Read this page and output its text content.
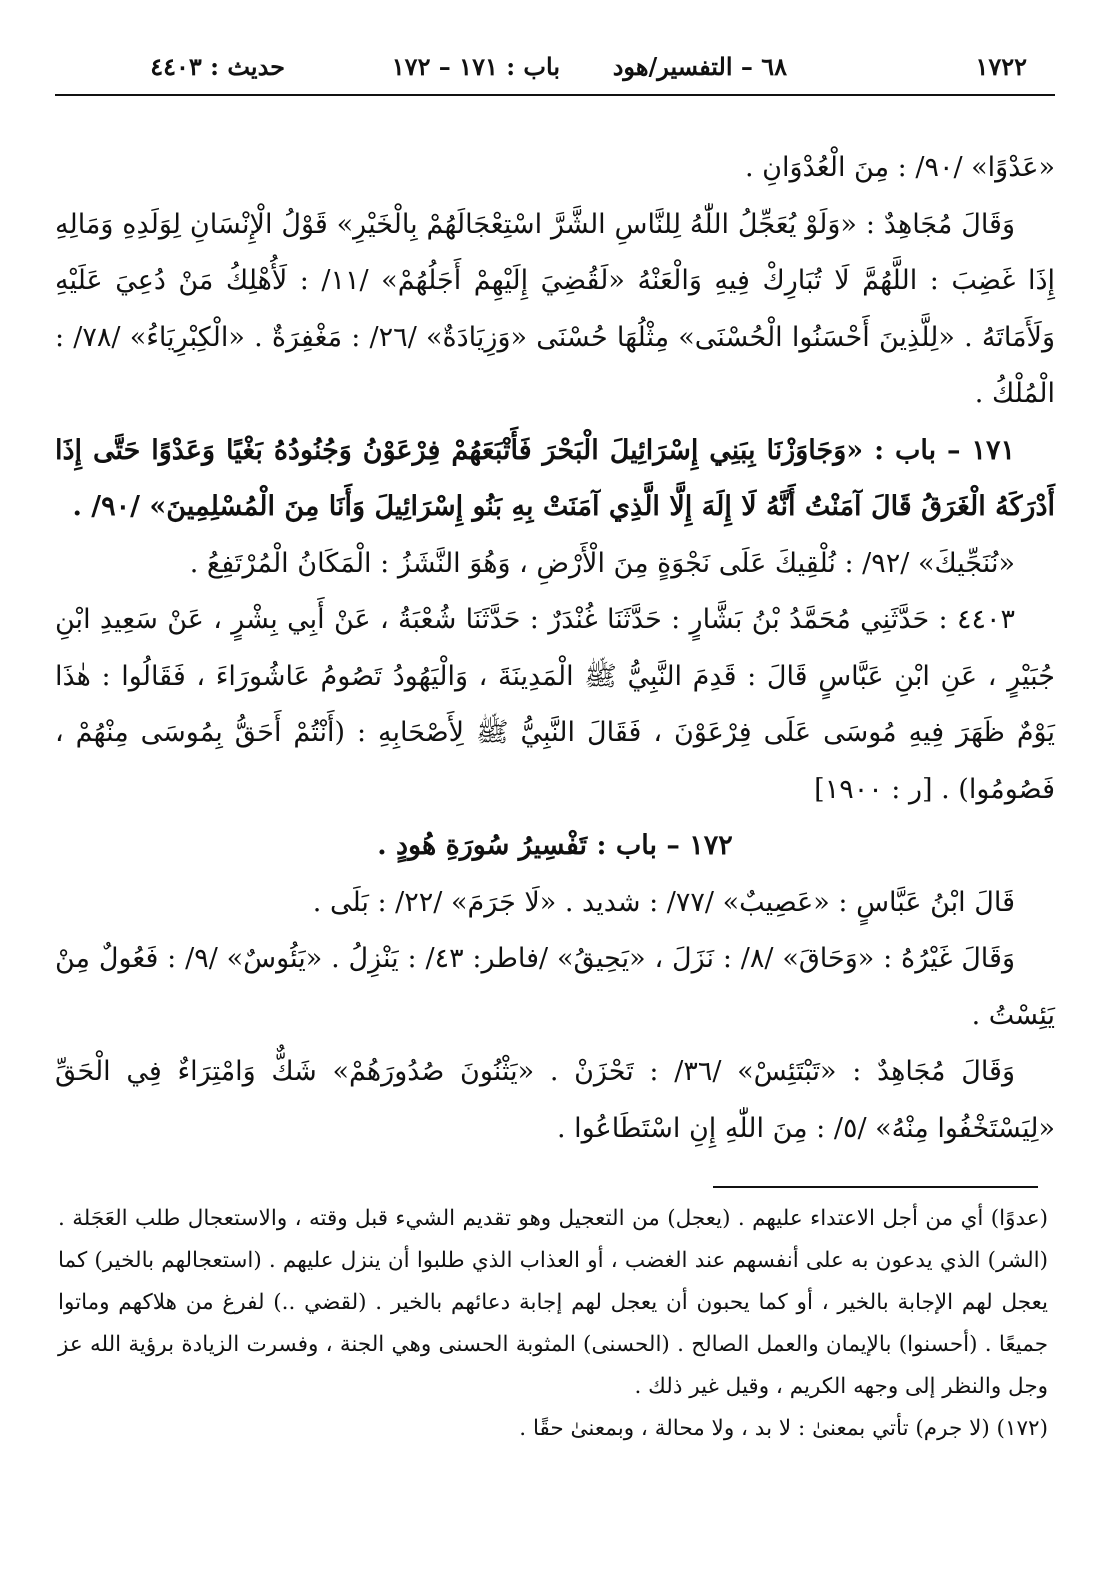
١٧٢٢
٦٨ – التفسير/هود
باب : ١٧١ – ١٧٢
حديث : ٤٤٠٣

«عَدْوًا» /٩٠/ : مِنَ الْعُدْوَانِ .

وَقَالَ مُجَاهِدٌ : «وَلَوْ يُعَجِّلُ اللّٰهُ لِلنَّاسِ الشَّرَّ اسْتِعْجَالَهُمْ بِالْخَيْرِ» قَوْلُ الْإِنْسَانِ لِوَلَدِهِ وَمَالِهِ إِذَا غَضِبَ : اللَّهُمَّ لَا تُبَارِكْ فِيهِ وَالْعَنْهُ «لَقُضِيَ إِلَيْهِمْ أَجَلُهُمْ» /١١/ : لَأُهْلِكُ مَنْ دُعِيَ عَلَيْهِ وَلَأَمَاتَهُ . «لِلَّذِينَ أَحْسَنُوا الْحُسْنَى» مِثْلُهَا حُسْنَى «وَزِيَادَةٌ» /٢٦/ : مَغْفِرَةٌ . «الْكِبْرِيَاءُ» /٧٨/ : الْمُلْكُ .

١٧١ – باب : «وَجَاوَزْنَا بِبَنِي إِسْرَائِيلَ الْبَحْرَ فَأَتْبَعَهُمْ فِرْعَوْنُ وَجُنُودُهُ بَغْيًا وَعَدْوًا حَتَّى إِذَا أَدْرَكَهُ الْغَرَقُ قَالَ آمَنْتُ أَنَّهُ لَا إِلَهَ إِلَّا الَّذِي آمَنَتْ بِهِ بَنُو إِسْرَائِيلَ وَأَنَا مِنَ الْمُسْلِمِينَ» /٩٠/ .

«نُنَجِّيكَ» /٩٢/ : نُلْقِيكَ عَلَى نَجْوَةٍ مِنَ الْأَرْضِ ، وَهُوَ النَّشَزُ : الْمَكَانُ الْمُرْتَفِعُ .

٤٤٠٣ : حَدَّثَنِي مُحَمَّدُ بْنُ بَشَّارٍ : حَدَّثَنَا غُنْدَرٌ : حَدَّثَنَا شُعْبَةُ ، عَنْ أَبِي بِشْرٍ ، عَنْ سَعِيدِ ابْنِ جُبَيْرٍ ، عَنِ ابْنِ عَبَّاسٍ قَالَ : قَدِمَ النَّبِيُّ ﷺ الْمَدِينَةَ ، وَالْيَهُودُ تَصُومُ عَاشُورَاءَ ، فَقَالُوا : هٰذَا يَوْمٌ ظَهَرَ فِيهِ مُوسَى عَلَى فِرْعَوْنَ ، فَقَالَ النَّبِيُّ ﷺ لِأَصْحَابِهِ : (أَنْتُمْ أَحَقُّ بِمُوسَى مِنْهُمْ ، فَصُومُوا) . [ر : ١٩٠٠]

١٧٢ – باب : تَفْسِيرُ سُورَةِ هُودٍ .

قَالَ ابْنُ عَبَّاسٍ : «عَصِيبٌ» /٧٧/ : شديد . «لَا جَرَمَ» /٢٢/ : بَلَى .

وَقَالَ غَيْرُهُ : «وَحَاقَ» /٨/ : نَزَلَ ، «يَحِيقُ» /فاطر: ٤٣/ : يَنْزِلُ . «يَئُوسٌ» /٩/ : فَعُولٌ مِنْ يَئِسْتُ .

وَقَالَ مُجَاهِدٌ : «تَبْتَئِسْ» /٣٦/ : تَحْزَنْ . «يَثْنُونَ صُدُورَهُمْ» شَكٌّ وَامْتِرَاءٌ فِي الْحَقِّ «لِيَسْتَخْفُوا مِنْهُ» /٥/ : مِنَ اللّٰهِ إِنِ اسْتَطَاعُوا .

(عدوًا) أي من أجل الاعتداء عليهم . (يعجل) من التعجيل وهو تقديم الشيء قبل وقته ، والاستعجال طلب العَجَلة . (الشر) الذي يدعون به على أنفسهم عند الغضب ، أو العذاب الذي طلبوا أن ينزل عليهم . (استعجالهم بالخير) كما يعجل لهم الإجابة بالخير ، أو كما يحبون أن يعجل لهم إجابة دعائهم بالخير . (لقضي ..) لفرغ من هلاكهم وماتوا جميعًا . (أحسنوا) بالإيمان والعمل الصالح . (الحسنى) المثوبة الحسنى وهي الجنة ، وفسرت الزيادة برؤية الله عز وجل والنظر إلى وجهه الكريم ، وقيل غير ذلك .

(١٧٢) (لا جرم) تأتي بمعنىٰ : لا بد ، ولا محالة ، وبمعنىٰ حقًا .
